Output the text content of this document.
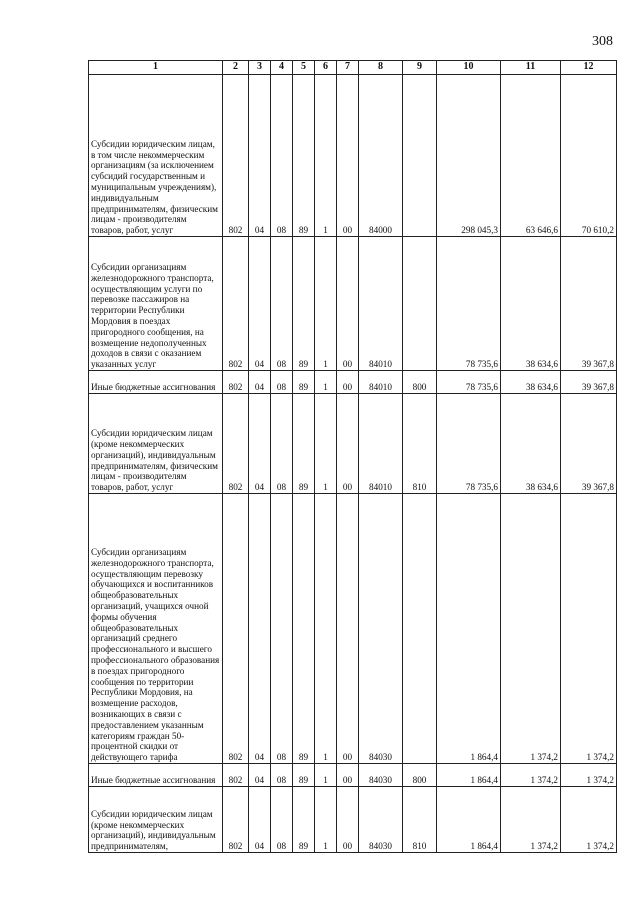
308
1	2	3	4	5	6	7	8	9	10	11	12
Субсидии юридическим лицам, в том числе некоммерческим организациям (за исключением субсидий государственным и муниципальным учреждениям), индивидуальным предпринимателям, физическим лицам - производителям товаров, работ, услуг	802	04	08	89	1	00	84000		298 045,3	63 646,6	70 610,2
Субсидии организациям железнодорожного транспорта, осуществляющим услуги по перевозке пассажиров на территории Республики Мордовия в поездах пригородного сообщения, на возмещение недополученных доходов в связи с оказанием указанных услуг	802	04	08	89	1	00	84010		78 735,6	38 634,6	39 367,8
Иные бюджетные ассигнования	802	04	08	89	1	00	84010	800	78 735,6	38 634,6	39 367,8
Субсидии юридическим лицам (кроме некоммерческих организаций), индивидуальным предпринимателям, физическим лицам - производителям товаров, работ, услуг	802	04	08	89	1	00	84010	810	78 735,6	38 634,6	39 367,8
Субсидии организациям железнодорожного транспорта, осуществляющим перевозку обучающихся и воспитанников общеобразовательных организаций, учащихся очной формы обучения общеобразовательных организаций среднего профессионального и высшего профессионального образования в поездах пригородного сообщения по территории Республики Мордовия, на возмещение расходов, возникающих в связи с предоставлением указанным категориям граждан 50-процентной скидки от действующего тарифа	802	04	08	89	1	00	84030		1 864,4	1 374,2	1 374,2
Иные бюджетные ассигнования	802	04	08	89	1	00	84030	800	1 864,4	1 374,2	1 374,2
Субсидии юридическим лицам (кроме некоммерческих организаций), индивидуальным предпринимателям,	802	04	08	89	1	00	84030	810	1 864,4	1 374,2	1 374,2
